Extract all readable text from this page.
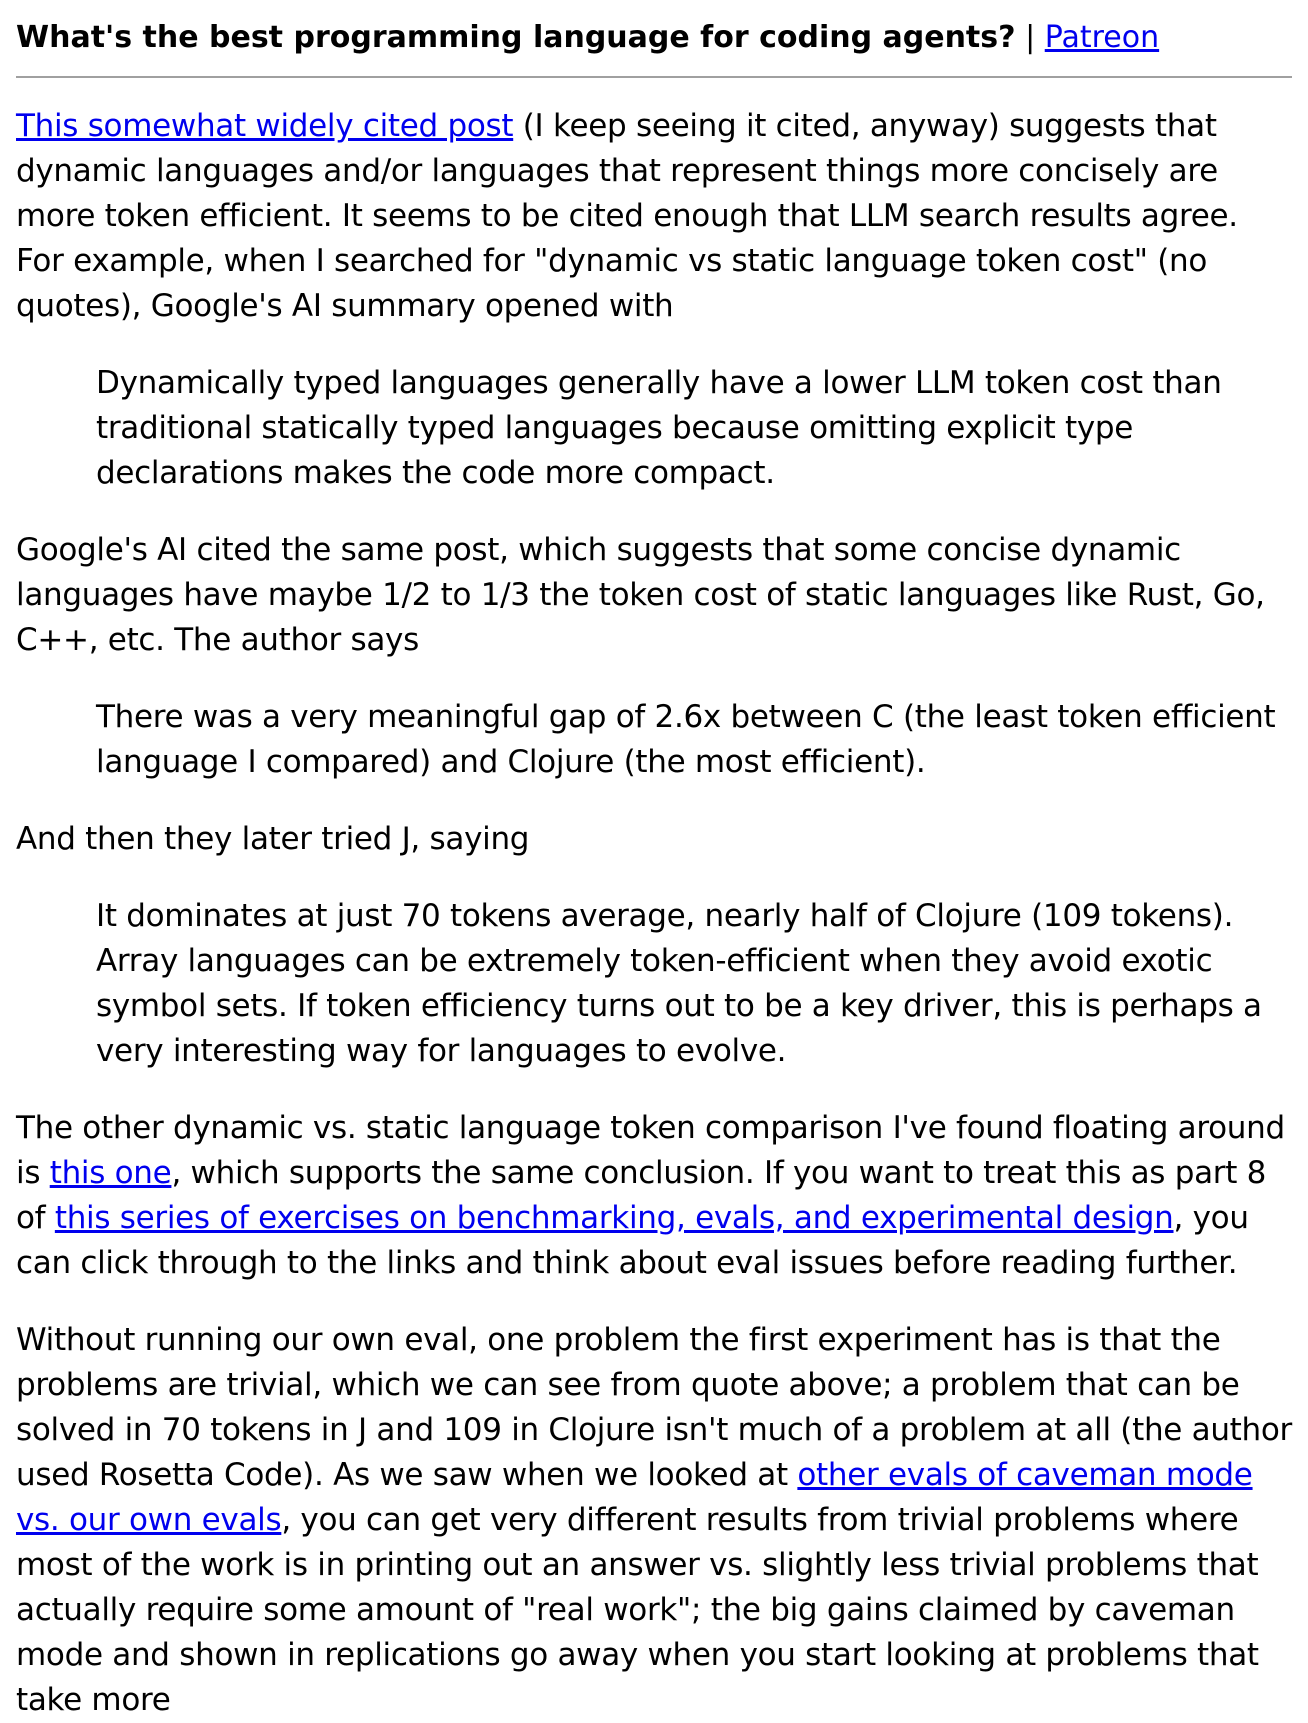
What's the best programming language for coding agents? | Patreon

This somewhat widely cited post (I keep seeing it cited, anyway) suggests that dynamic languages and/or languages that represent things more concisely are more token efficient. It seems to be cited enough that LLM search results agree. For example, when I searched for "dynamic vs static language token cost" (no quotes), Google's AI summary opened with

Dynamically typed languages generally have a lower LLM token cost than traditional statically typed languages because omitting explicit type declarations makes the code more compact.

Google's AI cited the same post, which suggests that some concise dynamic languages have maybe 1/2 to 1/3 the token cost of static languages like Rust, Go, C++, etc. The author says

There was a very meaningful gap of 2.6x between C (the least token efficient language I compared) and Clojure (the most efficient).

And then they later tried J, saying

It dominates at just 70 tokens average, nearly half of Clojure (109 tokens). Array languages can be extremely token-efficient when they avoid exotic symbol sets. If token efficiency turns out to be a key driver, this is perhaps a very interesting way for languages to evolve.

The other dynamic vs. static language token comparison I've found floating around is this one, which supports the same conclusion. If you want to treat this as part 8 of this series of exercises on benchmarking, evals, and experimental design, you can click through to the links and think about eval issues before reading further.

Without running our own eval, one problem the first experiment has is that the problems are trivial, which we can see from quote above; a problem that can be solved in 70 tokens in J and 109 in Clojure isn't much of a problem at all (the author used Rosetta Code). As we saw when we looked at other evals of caveman mode vs. our own evals, you can get very different results from trivial problems where most of the work is in printing out an answer vs. slightly less trivial problems that actually require some amount of "real work"; the big gains claimed by caveman mode and shown in replications go away when you start looking at problems that take more
